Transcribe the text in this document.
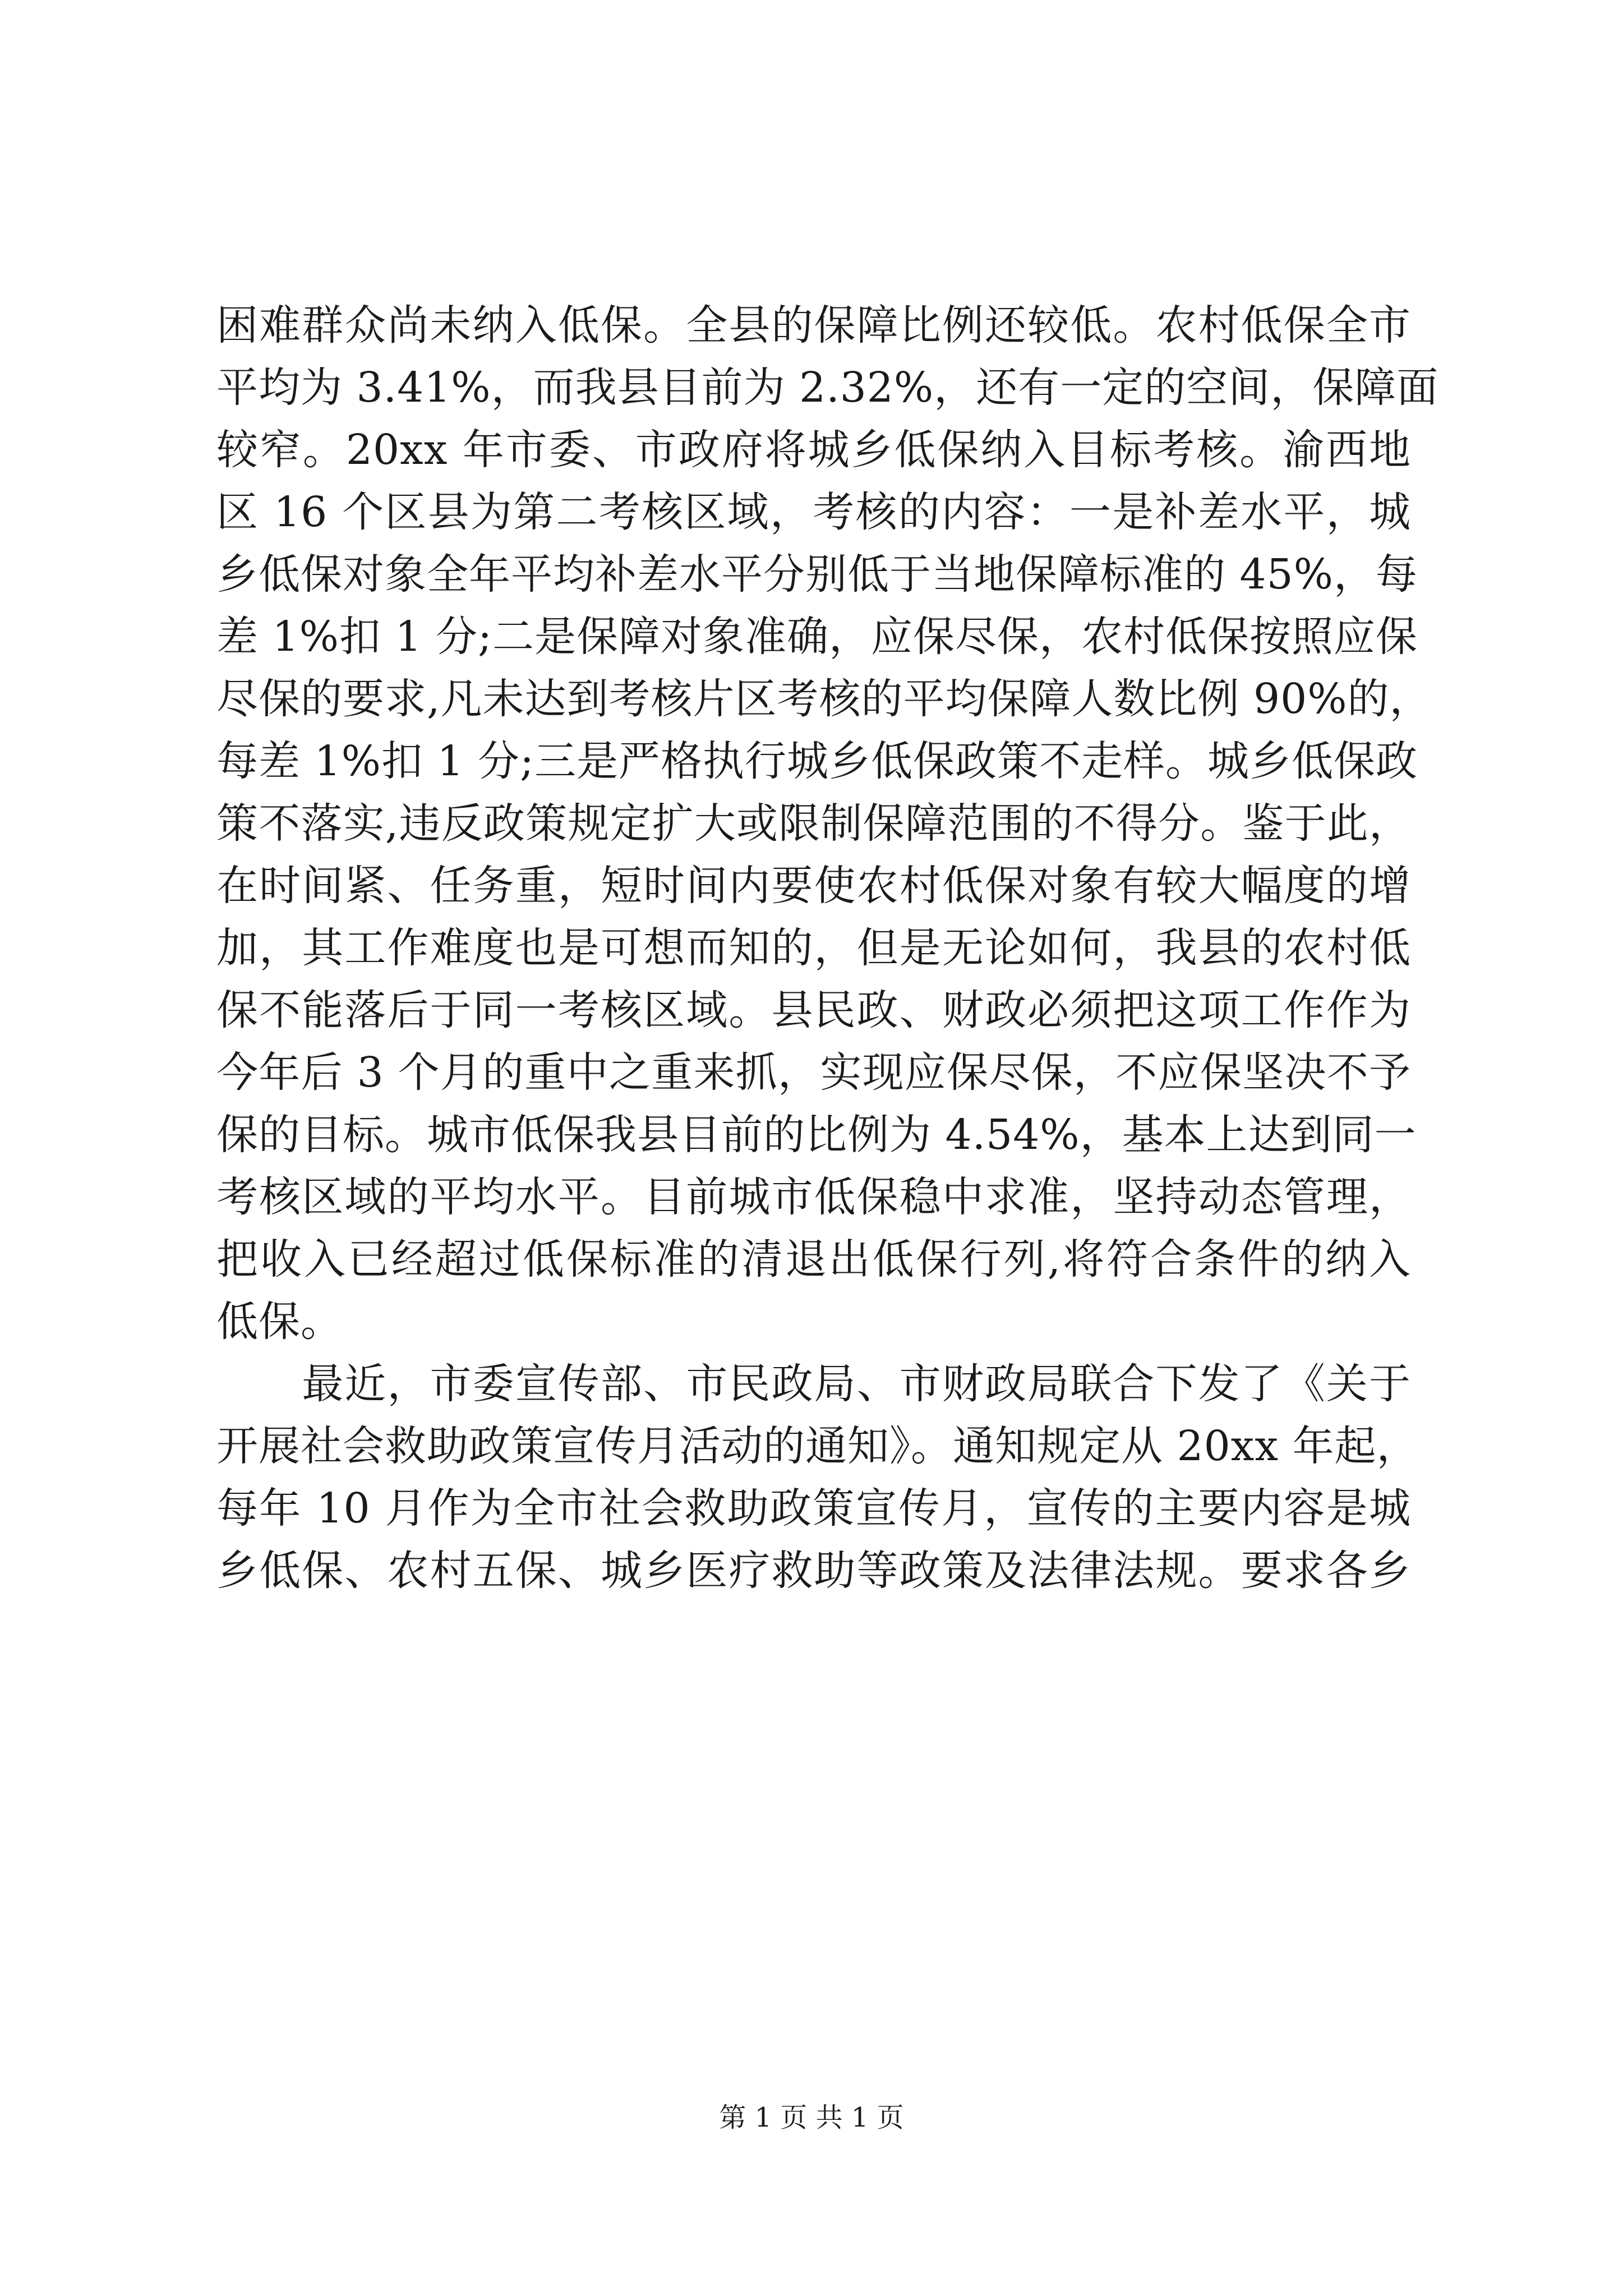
困难群众尚未纳入低保。全县的保障比例还较低。农村低保全市
平均为 3.41%，而我县目前为 2.32%，还有一定的空间，保障面
较窄。20xx 年市委、市政府将城乡低保纳入目标考核。渝西地
区 16 个区县为第二考核区域，考核的内容：一是补差水平，城
乡低保对象全年平均补差水平分别低于当地保障标准的 45%，每
差 1%扣 1 分;二是保障对象准确，应保尽保，农村低保按照应保
尽保的要求,凡未达到考核片区考核的平均保障人数比例 90%的，
每差 1%扣 1 分;三是严格执行城乡低保政策不走样。城乡低保政
策不落实,违反政策规定扩大或限制保障范围的不得分。鉴于此，
在时间紧、任务重，短时间内要使农村低保对象有较大幅度的增
加，其工作难度也是可想而知的，但是无论如何，我县的农村低
保不能落后于同一考核区域。县民政、财政必须把这项工作作为
今年后 3 个月的重中之重来抓，实现应保尽保，不应保坚决不予
保的目标。城市低保我县目前的比例为 4.54%，基本上达到同一
考核区域的平均水平。目前城市低保稳中求准，坚持动态管理，
把收入已经超过低保标准的清退出低保行列,将符合条件的纳入
低保。
　　最近，市委宣传部、市民政局、市财政局联合下发了《关于
开展社会救助政策宣传月活动的通知》。通知规定从 20xx 年起，
每年 10 月作为全市社会救助政策宣传月，宣传的主要内容是城
乡低保、农村五保、城乡医疗救助等政策及法律法规。要求各乡
第 1 页 共 1 页
